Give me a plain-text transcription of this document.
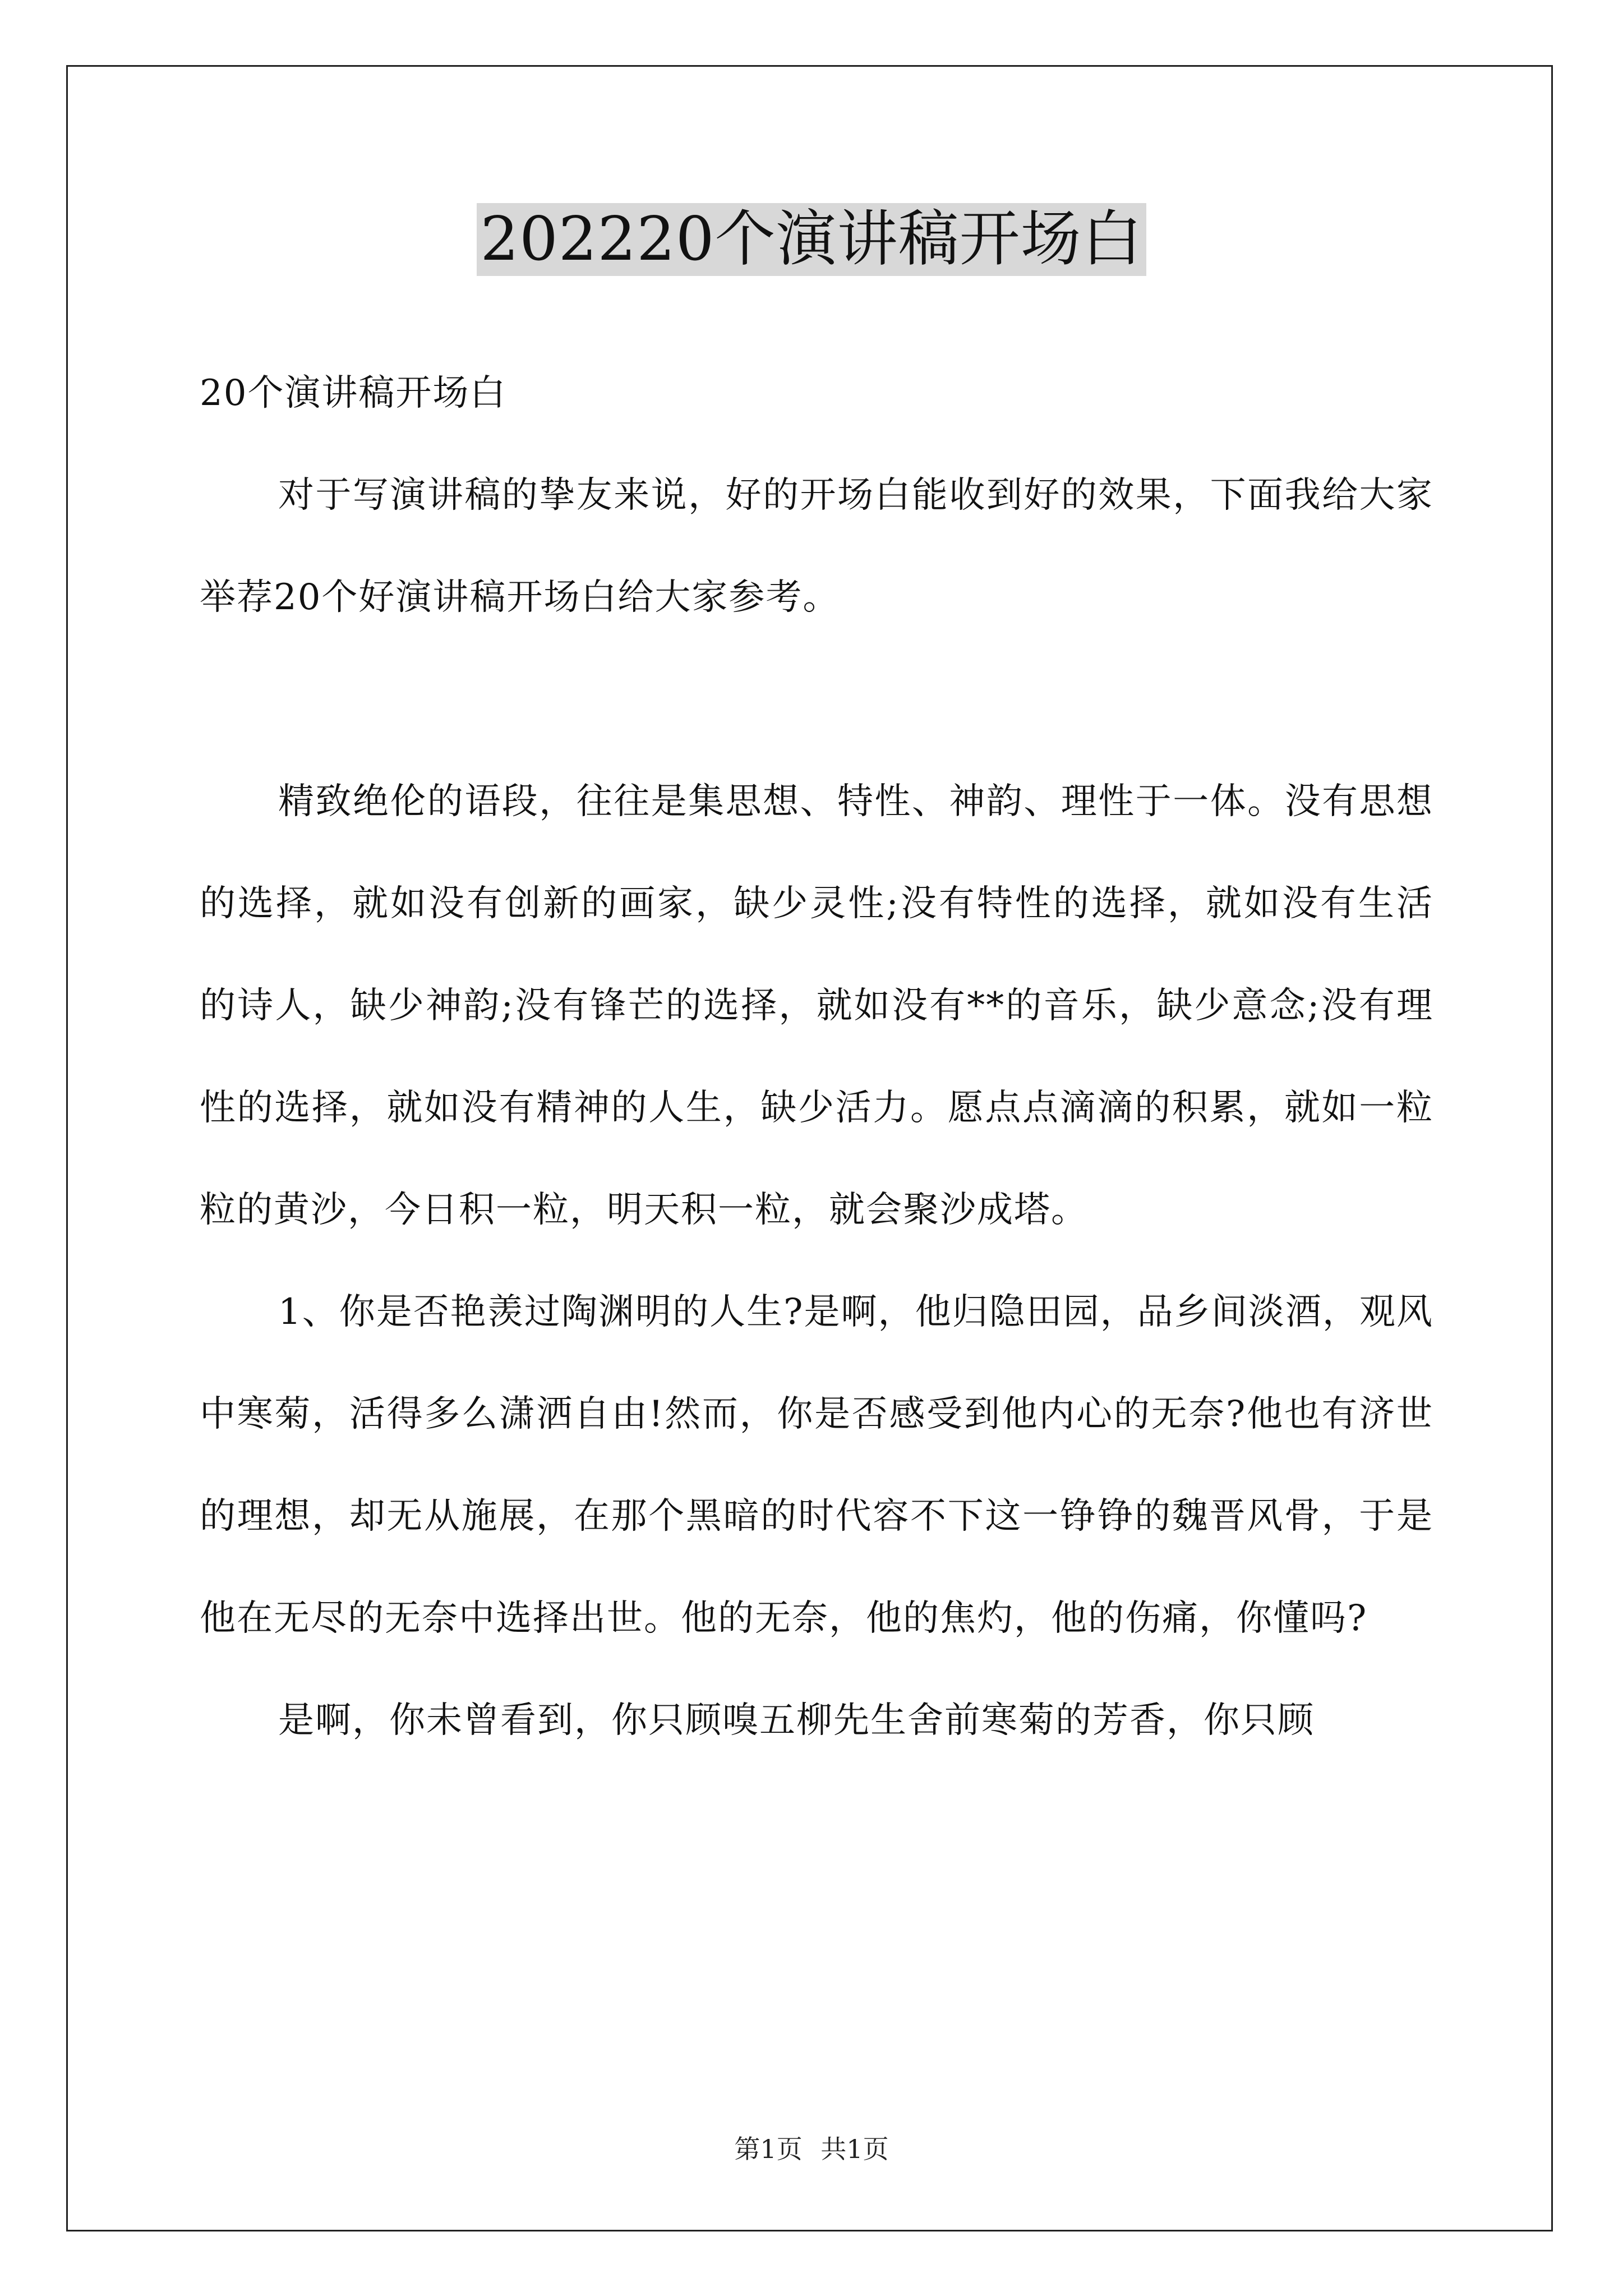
202220个演讲稿开场白

20个演讲稿开场白

对于写演讲稿的挚友来说，好的开场白能收到好的效果，下面我给大家举荐20个好演讲稿开场白给大家参考。

精致绝伦的语段，往往是集思想、特性、神韵、理性于一体。没有思想的选择，就如没有创新的画家，缺少灵性;没有特性的选择，就如没有生活的诗人，缺少神韵;没有锋芒的选择，就如没有**的音乐，缺少意念;没有理性的选择，就如没有精神的人生，缺少活力。愿点点滴滴的积累，就如一粒粒的黄沙，今日积一粒，明天积一粒，就会聚沙成塔。

1、你是否艳羡过陶渊明的人生?是啊，他归隐田园，品乡间淡酒，观风中寒菊，活得多么潇洒自由!然而，你是否感受到他内心的无奈?他也有济世的理想，却无从施展，在那个黑暗的时代容不下这一铮铮的魏晋风骨，于是他在无尽的无奈中选择出世。他的无奈，他的焦灼，他的伤痛，你懂吗?

是啊，你未曾看到，你只顾嗅五柳先生舍前寒菊的芳香，你只顾

第1页 共1页
